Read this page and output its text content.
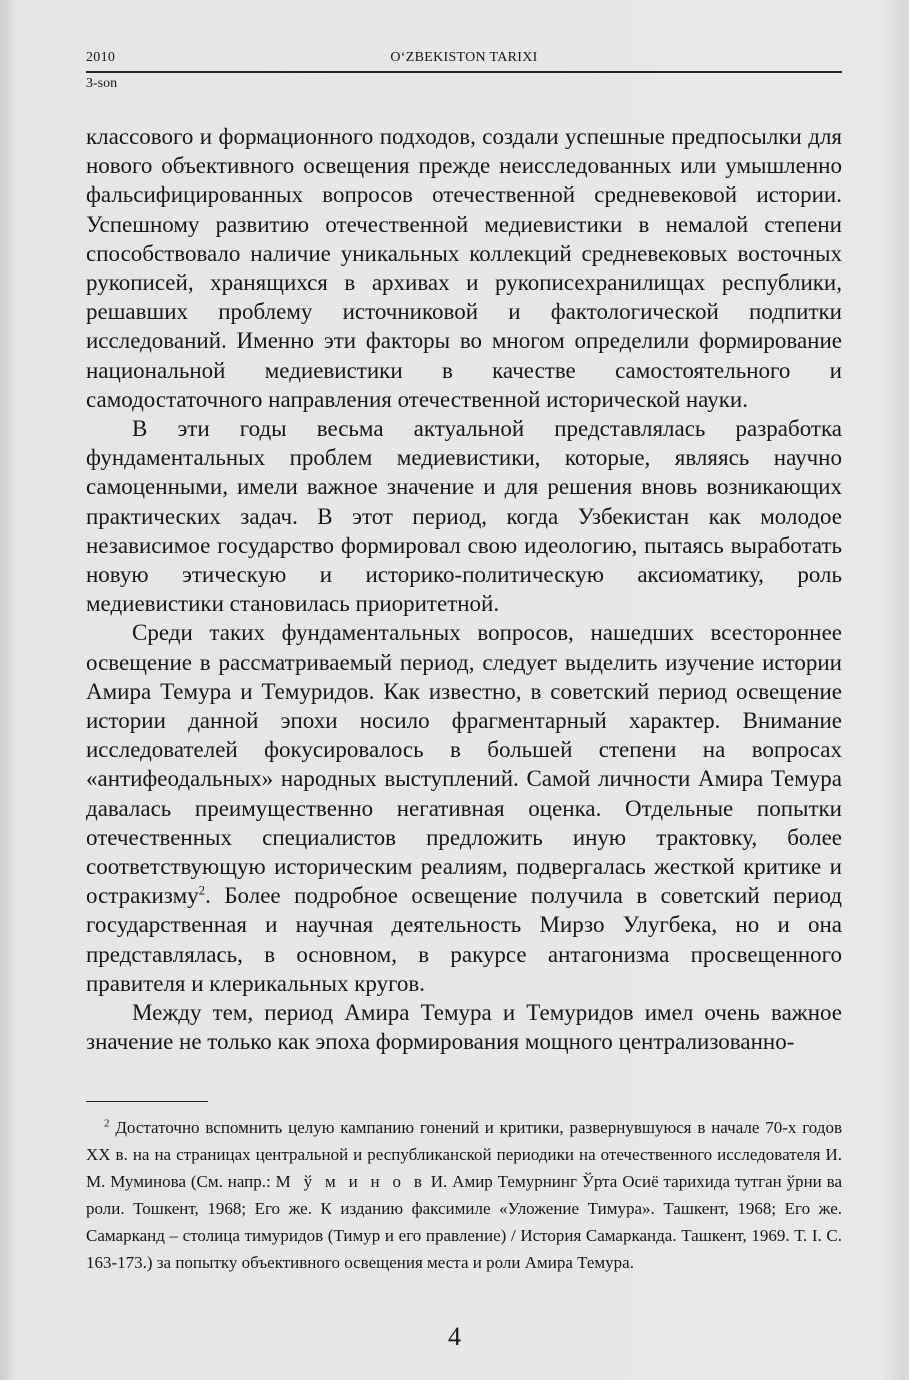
2010	O‘ZBEKISTON TARIXI
3-son

классового и формационного подходов, создали успешные предпосылки для нового объективного освещения прежде неисследованных или умышленно фальсифицированных вопросов отечественной средневековой истории. Успешному развитию отечественной медиевистики в немалой степени способствовало наличие уникальных коллекций средневековых восточных рукописей, хранящихся в архивах и рукописехранилищах республики, решавших проблему источниковой и фактологической подпитки исследований. Именно эти факторы во многом определили формирование национальной медиевистики в качестве самостоятельного и самодостаточного направления отечественной исторической науки.

В эти годы весьма актуальной представлялась разработка фундаментальных проблем медиевистики, которые, являясь научно самоценными, имели важное значение и для решения вновь возникающих практических задач. В этот период, когда Узбекистан как молодое независимое государство формировал свою идеологию, пытаясь выработать новую этическую и историко-политическую аксиоматику, роль медиевистики становилась приоритетной.

Среди таких фундаментальных вопросов, нашедших всестороннее освещение в рассматриваемый период, следует выделить изучение истории Амира Темура и Темуридов. Как известно, в советский период освещение истории данной эпохи носило фрагментарный характер. Внимание исследователей фокусировалось в большей степени на вопросах «антифеодальных» народных выступлений. Самой личности Амира Темура давалась преимущественно негативная оценка. Отдельные попытки отечественных специалистов предложить иную трактовку, более соответствующую историческим реалиям, подвергалась жесткой критике и остракизму$^2$. Более подробное освещение получила в советский период государственная и научная деятельность Мирзо Улугбека, но и она представлялась, в основном, в ракурсе антагонизма просвещенного правителя и клерикальных кругов.

Между тем, период Амира Темура и Темуридов имел очень важное значение не только как эпоха формирования мощного централизованно-

$^2$ Достаточно вспомнить целую кампанию гонений и критики, развернувшуюся в начале 70-х годов XX в. на на страницах центральной и республиканской периодики на отечественного исследователя И. М. Муминова (См. напр.: М ў м и н о в И. Амир Темурнинг Ўрта Осиё тарихида тутган ўрни ва роли. Тошкент, 1968; Его же. К изданию факсимиле «Уложение Тимура». Ташкент, 1968; Его же. Самарканд – столица тимуридов (Тимур и его правление) / История Самарканда. Ташкент, 1969. Т. I. С. 163-173.) за попытку объективного освещения места и роли Амира Темура.

4
